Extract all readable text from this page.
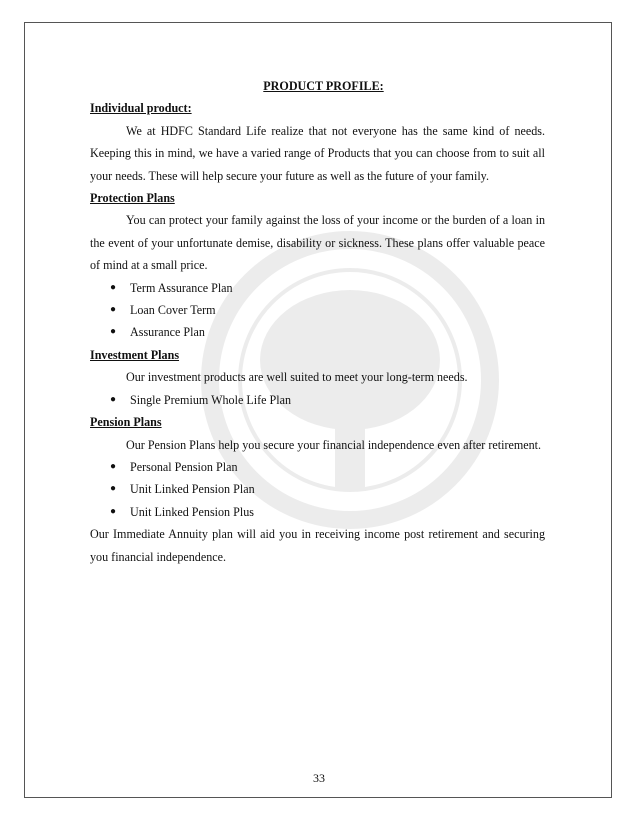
PRODUCT PROFILE:
Individual product:
We at HDFC Standard Life realize that not everyone has the same kind of needs. Keeping this in mind, we have a varied range of Products that you can choose from to suit all your needs. These will help secure your future as well as the future of your family.
Protection Plans
You can protect your family against the loss of your income or the burden of a loan in the event of your unfortunate demise, disability or sickness. These plans offer valuable peace of mind at a small price.
● Term Assurance Plan
● Loan Cover Term
● Assurance Plan
Investment Plans
Our investment products are well suited to meet your long-term needs.
● Single Premium Whole Life Plan
Pension Plans
Our Pension Plans help you secure your financial independence even after retirement.
● Personal Pension Plan
● Unit Linked Pension Plan
● Unit Linked Pension Plus
Our Immediate Annuity plan will aid you in receiving income post retirement and securing you financial independence.
33
